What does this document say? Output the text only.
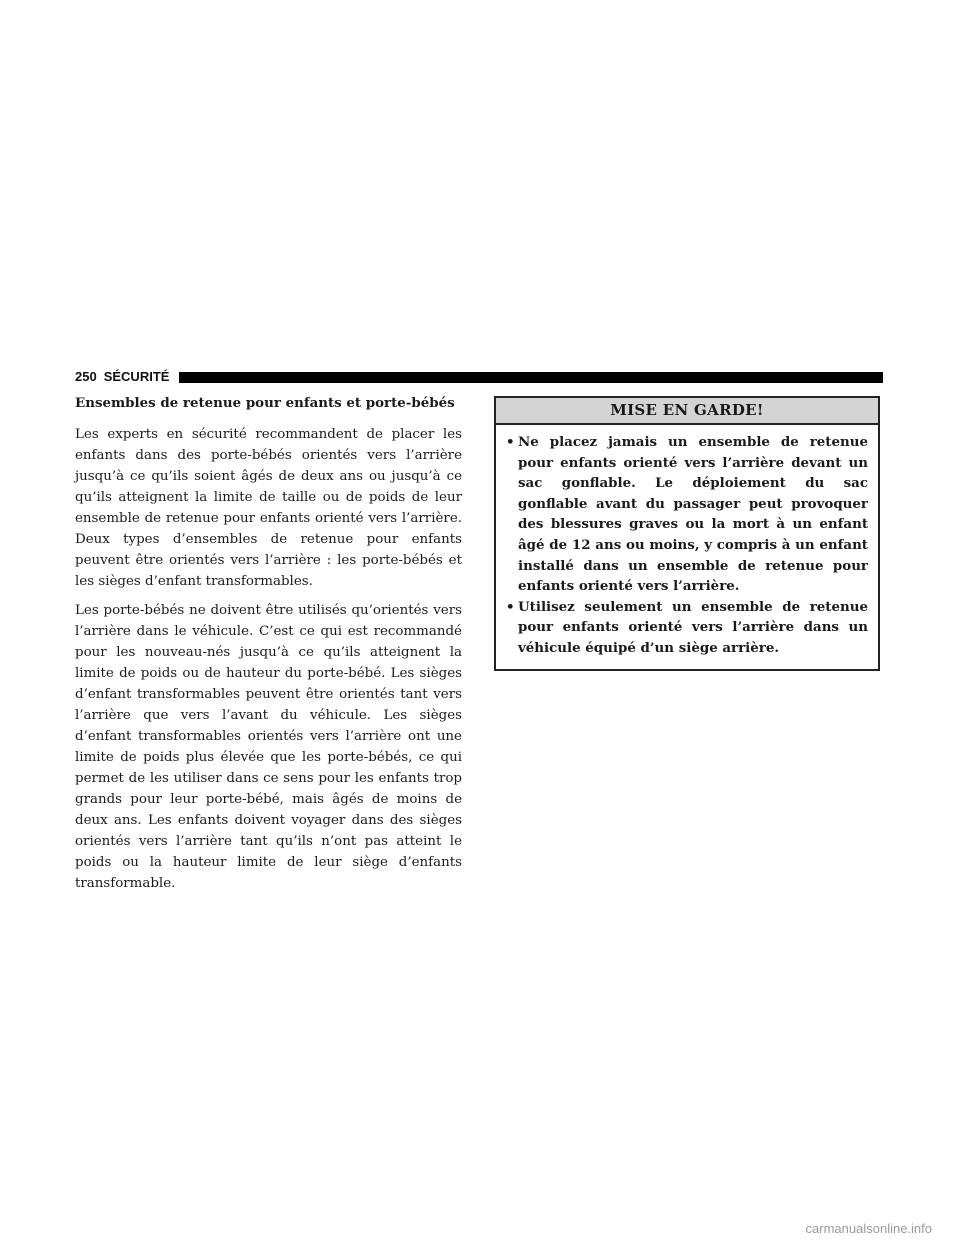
250 SÉCURITÉ
Ensembles de retenue pour enfants et porte-bébés

Les experts en sécurité recommandent de placer les enfants dans des porte-bébés orientés vers l’arrière jusqu’à ce qu’ils soient âgés de deux ans ou jusqu’à ce qu’ils atteignent la limite de taille ou de poids de leur ensemble de retenue pour enfants orienté vers l’arrière. Deux types d’ensembles de retenue pour enfants peuvent être orientés vers l’arrière : les porte-bébés et les sièges d’enfant transformables.

Les porte-bébés ne doivent être utilisés qu’orientés vers l’arrière dans le véhicule. C’est ce qui est recommandé pour les nouveau-nés jusqu’à ce qu’ils atteignent la limite de poids ou de hauteur du porte-bébé. Les sièges d’enfant transformables peuvent être orientés tant vers l’arrière que vers l’avant du véhicule. Les sièges d’enfant transformables orientés vers l’arrière ont une limite de poids plus élevée que les porte-bébés, ce qui permet de les utiliser dans ce sens pour les enfants trop grands pour leur porte-bébé, mais âgés de moins de deux ans. Les enfants doivent voyager dans des sièges orientés vers l’arrière tant qu’ils n’ont pas atteint le poids ou la hauteur limite de leur siège d’enfants transformable.

MISE EN GARDE!
• Ne placez jamais un ensemble de retenue pour enfants orienté vers l’arrière devant un sac gonflable. Le déploiement du sac gonflable avant du passager peut provoquer des blessures graves ou la mort à un enfant âgé de 12 ans ou moins, y compris à un enfant installé dans un ensemble de retenue pour enfants orienté vers l’arrière.
• Utilisez seulement un ensemble de retenue pour enfants orienté vers l’arrière dans un véhicule équipé d’un siège arrière.
carmanualsonline.info
